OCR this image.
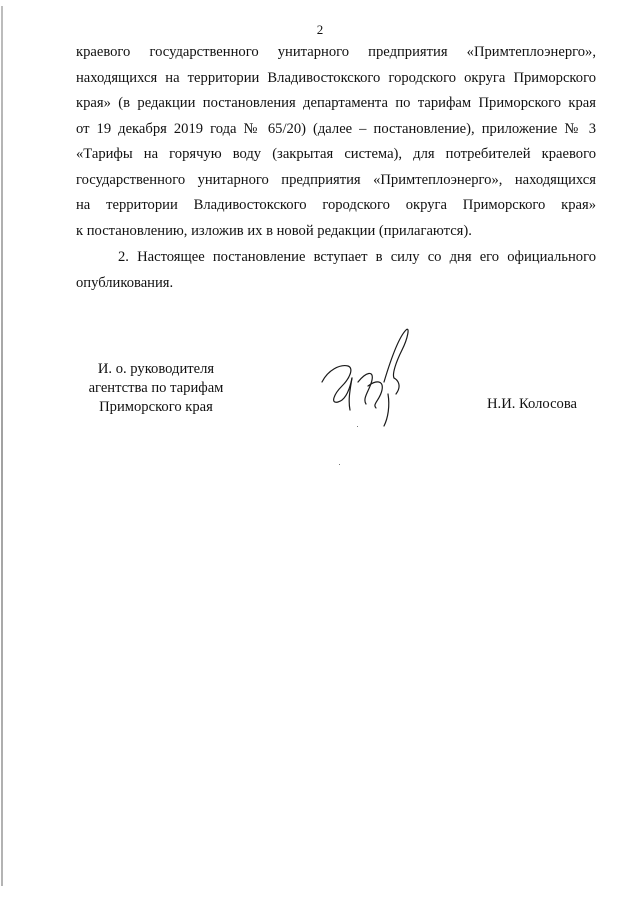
2
краевого государственного унитарного предприятия «Примтеплоэнерго»,
находящихся на территории Владивостокского городского округа Приморского
края» (в редакции постановления департамента по тарифам Приморского края
от 19 декабря 2019 года № 65/20) (далее – постановление), приложение № 3
«Тарифы на горячую воду (закрытая система), для потребителей краевого
государственного унитарного предприятия «Примтеплоэнерго», находящихся
на территории Владивостокского городского округа Приморского края»
к постановлению, изложив их в новой редакции (прилагаются).

2. Настоящее постановление вступает в силу со дня его официального опубликования.

И. о. руководителя
агентства по тарифам
Приморского края	Н.И. Колосова
